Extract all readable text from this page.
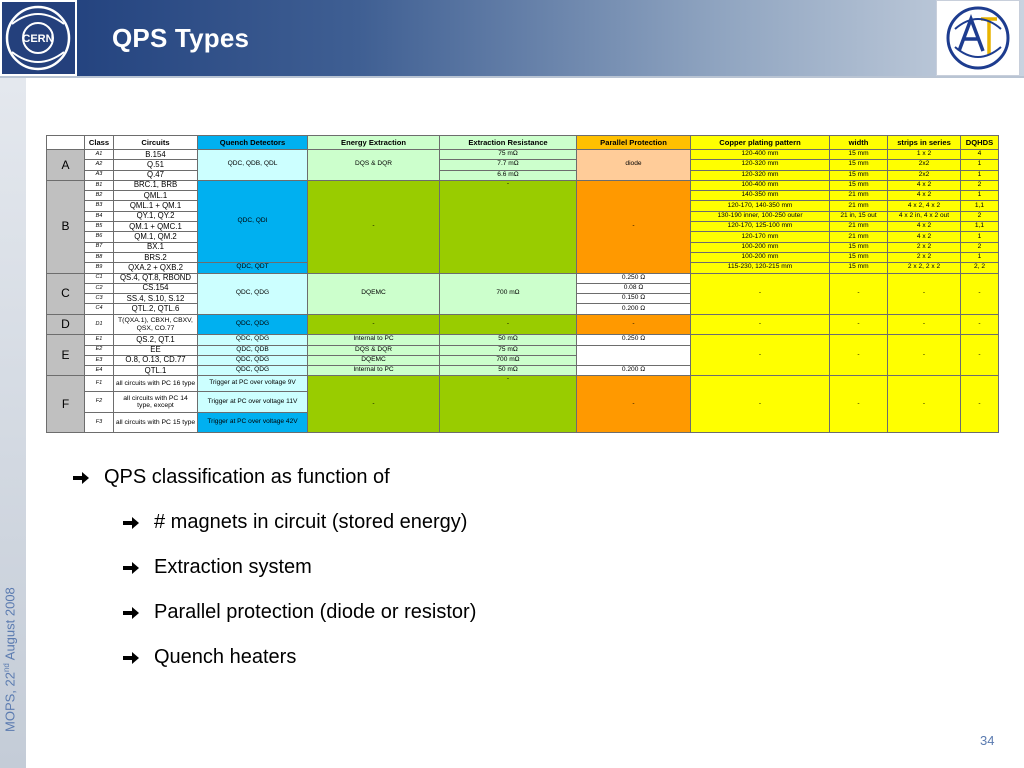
CERN QPS Types
MOPS, 22nd August 2008
	Class	Circuits	Quench Detectors	Energy Extraction	Extraction Resistance	Parallel Protection	Copper plating pattern	width	strips in series	DQHDS
A	A1	B.154	QDC, QDB, QDL	DQS & DQR	75 mΩ	diode	120-400 mm	15 mm	1 x 2	4
	A2	Q.51			7.7 mΩ		120-320 mm	15 mm	2x2	1
	A3	Q.47			6.6 mΩ		120-320 mm	15 mm	2x2	1
B	B1	BRC.1, BRB	QDC, QDI	-	-	-	100-400 mm	15 mm	4 x 2	2
	B2	QML.1					140-350 mm	21 mm	4 x 2	1
	B3	QML.1 + QM.1					120-170, 140-350 mm	21 mm	4 x 2, 4 x 2	1,1
	B4	QY.1, QY.2					130-190 inner, 100-250 outer	21 in, 15 out	4 x 2 in, 4 x 2 out	2
	B5	QM.1 + QMC.1					120-170, 125-100 mm	21 mm	4 x 2	1,1
	B6	QM.1, QM.2					120-170 mm	21 mm	4 x 2	1
	B7	BX.1					100-200 mm	15 mm	2 x 2	2
	B8	BRS.2					100-200 mm	15 mm	2 x 2	1
	B9	QXA.2 + QXB.2	QDC, QDT				115-230, 120-215 mm	15 mm	2 x 2, 2 x 2	2, 2
C	C1	QS.4, QT.8, RBOND	QDC, QDG	DQEMC	700 mΩ	0.250 Ω	-	-	-	-
	C2	CS.154				0.08 Ω				
	C3	SS.4, S.10, S.12				0.150 Ω				
	C4	QTL.2, QTL.6				0.200 Ω				
D	D1	T(QXA.1), CBXH, CBXV, QSX, CO.77	QDC, QDG	-	-	-	-	-	-	-
E	E1	QS.2, QT.1	QDC, QDG	Internal to PC	50 mΩ	0.250 Ω	-	-	-	-
	E2	EE	QDC, QDB	DQS & DQR	75 mΩ					
	E3	O.8, O.13, CD.77	QDC, QDG	DQEMC	700 mΩ					
	E4	QTL.1	QDC, QDG	Internal to PC	50 mΩ	0.200 Ω				
F	F1	all circuits with PC 16 type	Trigger at PC over voltage 9V	-	-	-	-	-	-	-
	F2	all circuits with PC 14 type, except	Trigger at PC over voltage 11V							
	F3	all circuits with PC 15 type	Trigger at PC over voltage 42V							
QPS classification as function of
# magnets in circuit (stored energy)
Extraction system
Parallel protection (diode or resistor)
Quench heaters
34
